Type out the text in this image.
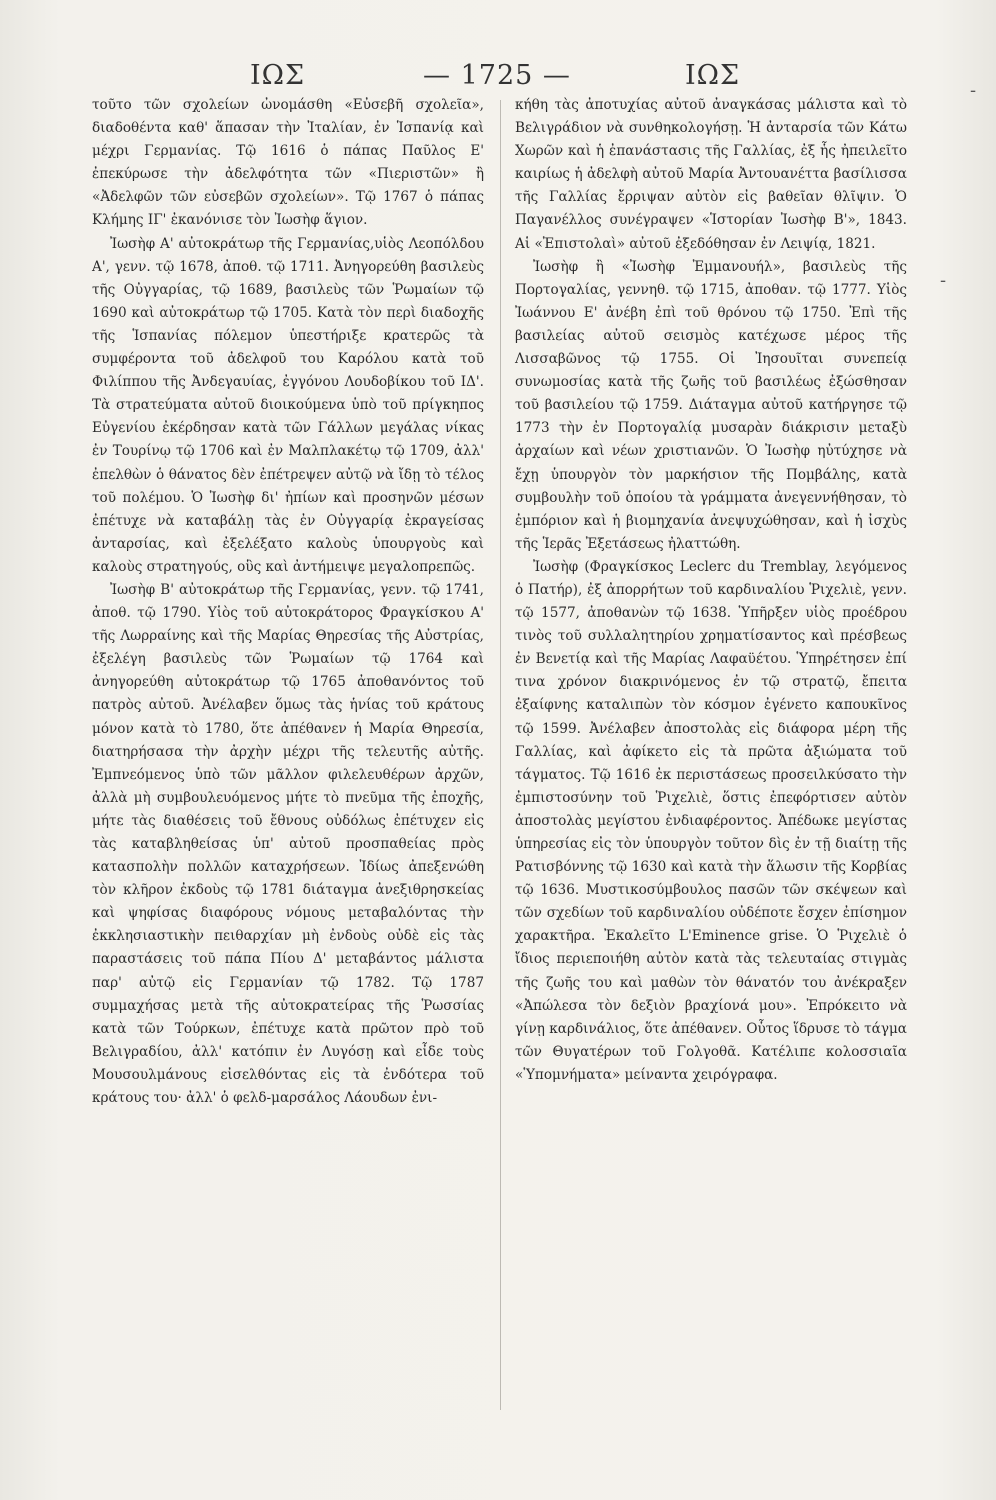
ΙΩΣ	— 1725 —	ΙΩΣ

τοῦτο τῶν σχολείων ὠνομάσθη «Εὐσεβῆ σχολεῖα», διαδοθέντα καθ' ἅπασαν τὴν Ἰταλίαν, ἐν Ἱσπανίᾳ καὶ μέχρι Γερμανίας. Τῷ 1616 ὁ πάπας Παῦλος Ε' ἐπεκύρωσε τὴν ἀδελφότητα τῶν «Πιεριστῶν» ἢ «Ἀδελφῶν τῶν εὐσεβῶν σχολείων». Τῷ 1767 ὁ πάπας Κλήμης ΙΓ' ἐκανόνισε τὸν Ἰωσὴφ ἅγιον.

Ἰωσὴφ Α' αὐτοκράτωρ τῆς Γερμανίας,υἱὸς Λεοπόλδου Α', γενν. τῷ 1678, ἀποθ. τῷ 1711. Ἀνηγορεύθη βασιλεὺς τῆς Οὐγγαρίας, τῷ 1689, βασιλεὺς τῶν Ῥωμαίων τῷ 1690 καὶ αὐτοκράτωρ τῷ 1705. Κατὰ τὸν περὶ διαδοχῆς τῆς Ἱσπανίας πόλεμον ὑπεστήριξε κρατερῶς τὰ συμφέροντα τοῦ ἀδελφοῦ του Καρόλου κατὰ τοῦ Φιλίππου τῆς Ἀνδεγαυίας, ἐγγόνου Λουδοβίκου τοῦ ΙΔ'. Τὰ στρατεύματα αὐτοῦ διοικούμενα ὑπὸ τοῦ πρίγκηπος Εὐγενίου ἐκέρδησαν κατὰ τῶν Γάλλων μεγάλας νίκας ἐν Τουρίνῳ τῷ 1706 καὶ ἐν Μαλπλακέτῳ τῷ 1709, ἀλλ' ἐπελθὼν ὁ θάνατος δὲν ἐπέτρεψεν αὐτῷ νὰ ἴδῃ τὸ τέλος τοῦ πολέμου. Ὁ Ἰωσὴφ δι' ἠπίων καὶ προσηνῶν μέσων ἐπέτυχε νὰ καταβάλῃ τὰς ἐν Οὐγγαρίᾳ ἐκραγείσας ἀνταρσίας, καὶ ἐξελέξατο καλοὺς ὑπουργοὺς καὶ καλοὺς στρατηγούς, οὓς καὶ ἀντήμειψε μεγαλοπρεπῶς.

Ἰωσὴφ Β' αὐτοκράτωρ τῆς Γερμανίας, γενν. τῷ 1741, ἀποθ. τῷ 1790. Υἱὸς τοῦ αὐτοκράτορος Φραγκίσκου Α' τῆς Λωρραίνης καὶ τῆς Μαρίας Θηρεσίας τῆς Αὐστρίας, ἐξελέγη βασιλεὺς τῶν Ῥωμαίων τῷ 1764 καὶ ἀνηγορεύθη αὐτοκράτωρ τῷ 1765 ἀποθανόντος τοῦ πατρὸς αὐτοῦ. Ἀνέλαβεν ὅμως τὰς ἡνίας τοῦ κράτους μόνον κατὰ τὸ 1780, ὅτε ἀπέθανεν ἡ Μαρία Θηρεσία, διατηρήσασα τὴν ἀρχὴν μέχρι τῆς τελευτῆς αὐτῆς. Ἐμπνεόμενος ὑπὸ τῶν μᾶλλον φιλελευθέρων ἀρχῶν, ἀλλὰ μὴ συμβουλευόμενος μήτε τὸ πνεῦμα τῆς ἐποχῆς, μήτε τὰς διαθέσεις τοῦ ἔθνους οὐδόλως ἐπέτυχεν εἰς τὰς καταβληθείσας ὑπ' αὐτοῦ προσπαθείας πρὸς κατασπολὴν πολλῶν καταχρήσεων. Ἰδίως ἀπεξενώθη τὸν κλῆρον ἐκδοὺς τῷ 1781 διάταγμα ἀνεξιθρησκείας καὶ ψηφίσας διαφόρους νόμους μεταβαλόντας τὴν ἐκκλησιαστικὴν πειθαρχίαν μὴ ἐνδοὺς οὐδὲ εἰς τὰς παραστάσεις τοῦ πάπα Πίου Δ' μεταβάντος μάλιστα παρ' αὐτῷ εἰς Γερμανίαν τῷ 1782. Τῷ 1787 συμμαχήσας μετὰ τῆς αὐτοκρατείρας τῆς Ῥωσσίας κατὰ τῶν Τούρκων, ἐπέτυχε κατὰ πρῶτον πρὸ τοῦ Βελιγραδίου, ἀλλ' κατόπιν ἐν Λυγόσῃ καὶ εἶδε τοὺς Μουσουλμάνους εἰσελθόντας εἰς τὰ ἐνδότερα τοῦ κράτους του· ἀλλ' ὁ φελδ-μαρσάλος Λάουδων ἐνι-

κήθη τὰς ἀποτυχίας αὐτοῦ ἀναγκάσας μάλιστα καὶ τὸ Βελιγράδιον νὰ συνθηκολογήσῃ. Ἡ ἀνταρσία τῶν Κάτω Χωρῶν καὶ ἡ ἐπανάστασις τῆς Γαλλίας, ἐξ ἧς ἠπειλεῖτο καιρίως ἡ ἀδελφὴ αὐτοῦ Μαρία Ἀντουανέττα βασίλισσα τῆς Γαλλίας ἔρριψαν αὐτὸν εἰς βαθεῖαν θλῖψιν. Ὁ Παγανέλλος συνέγραψεν «Ἱστορίαν Ἰωσὴφ Β'», 1843. Αἱ «Ἐπιστολαὶ» αὐτοῦ ἐξεδόθησαν ἐν Λειψίᾳ, 1821.

Ἰωσὴφ ἢ «Ἰωσὴφ Ἐμμανουήλ», βασιλεὺς τῆς Πορτογαλίας, γεννηθ. τῷ 1715, ἀποθαν. τῷ 1777. Υἱὸς Ἰωάννου Ε' ἀνέβη ἐπὶ τοῦ θρόνου τῷ 1750. Ἐπὶ τῆς βασιλείας αὐτοῦ σεισμὸς κατέχωσε μέρος τῆς Λισσαβῶνος τῷ 1755. Οἱ Ἰησουῖται συνεπείᾳ συνωμοσίας κατὰ τῆς ζωῆς τοῦ βασιλέως ἐξώσθησαν τοῦ βασιλείου τῷ 1759. Διάταγμα αὐτοῦ κατήργησε τῷ 1773 τὴν ἐν Πορτογαλίᾳ μυσαρὰν διάκρισιν μεταξὺ ἀρχαίων καὶ νέων χριστιανῶν. Ὁ Ἰωσὴφ ηὐτύχησε νὰ ἔχῃ ὑπουργὸν τὸν μαρκήσιον τῆς Πομβάλης, κατὰ συμβουλὴν τοῦ ὁποίου τὰ γράμματα ἀνεγεννήθησαν, τὸ ἐμπόριον καὶ ἡ βιομηχανία ἀνεψυχώθησαν, καὶ ἡ ἰσχὺς τῆς Ἱερᾶς Ἐξετάσεως ἠλαττώθη.

Ἰωσὴφ (Φραγκίσκος Leclerc du Tremblay, λεγόμενος ὁ Πατήρ), ἐξ ἀπορρήτων τοῦ καρδιναλίου Ῥιχελιὲ, γενν. τῷ 1577, ἀποθανὼν τῷ 1638. Ὑπῆρξεν υἱὸς προέδρου τινὸς τοῦ συλλαλητηρίου χρηματίσαντος καὶ πρέσβεως ἐν Βενετίᾳ καὶ τῆς Μαρίας Λαφαϋέτου. Ὑπηρέτησεν ἐπί τινα χρόνον διακρινόμενος ἐν τῷ στρατῷ, ἔπειτα ἐξαίφνης καταλιπὼν τὸν κόσμον ἐγένετο καπουκῖνος τῷ 1599. Ἀνέλαβεν ἀποστολὰς εἰς διάφορα μέρη τῆς Γαλλίας, καὶ ἀφίκετο εἰς τὰ πρῶτα ἀξιώματα τοῦ τάγματος. Τῷ 1616 ἐκ περιστάσεως προσειλκύσατο τὴν ἐμπιστοσύνην τοῦ Ῥιχελιὲ, ὅστις ἐπεφόρτισεν αὐτὸν ἀποστολὰς μεγίστου ἐνδιαφέροντος. Ἀπέδωκε μεγίστας ὑπηρεσίας εἰς τὸν ὑπουργὸν τοῦτον δὶς ἐν τῇ διαίτῃ τῆς Ρατισβόννης τῷ 1630 καὶ κατὰ τὴν ἅλωσιν τῆς Κορβίας τῷ 1636. Μυστικοσύμβουλος πασῶν τῶν σκέψεων καὶ τῶν σχεδίων τοῦ καρδιναλίου οὐδέποτε ἔσχεν ἐπίσημον χαρακτῆρα. Ἐκαλεῖτο L'Eminence grise. Ὁ Ῥιχελιὲ ὁ ἴδιος περιεποιήθη αὐτὸν κατὰ τὰς τελευταίας στιγμὰς τῆς ζωῆς του καὶ μαθὼν τὸν θάνατόν του ἀνέκραξεν «Ἀπώλεσα τὸν δεξιὸν βραχίονά μου». Ἐπρόκειτο νὰ γίνῃ καρδινάλιος, ὅτε ἀπέθανεν. Οὗτος ἵδρυσε τὸ τάγμα τῶν Θυγατέρων τοῦ Γολγοθᾶ. Κατέλιπε κολοσσιαῖα «Ὑπομνήματα» μείναντα χειρόγραφα.

-
-
